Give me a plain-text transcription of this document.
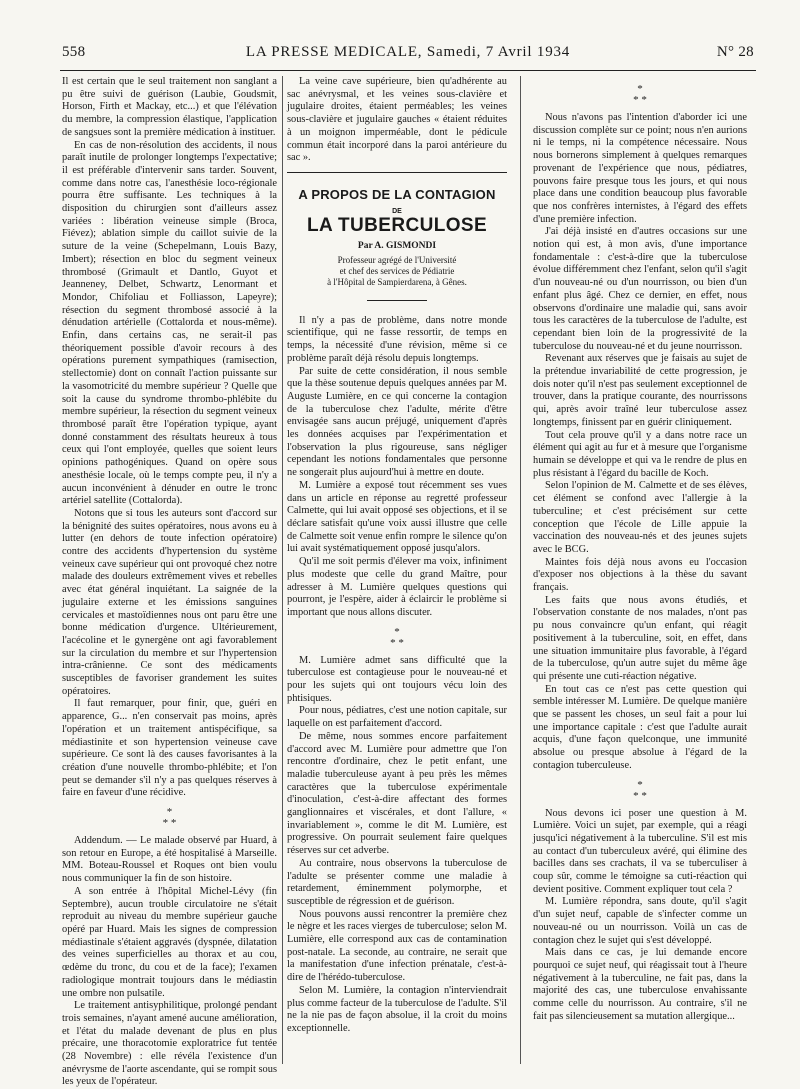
558	LA PRESSE MEDICALE, Samedi, 7 Avril 1934	N° 28

Il est certain que le seul traitement non sanglant a pu être suivi de guérison (Laubie, Goudsmit, Horson, Firth et Mackay, etc...) et que l'élévation du membre, la compression élastique, l'application de sangsues sont la première médication à instituer.

En cas de non-résolution des accidents, il nous paraît inutile de prolonger longtemps l'expectative; il est préférable d'intervenir sans tarder. Souvent, comme dans notre cas, l'anesthésie loco-régionale pourra être suffisante. Les techniques à la disposition du chirurgien sont d'ailleurs assez variées : libération veineuse simple (Broca, Fiévez); ablation simple du caillot suivie de la suture de la veine (Schepelmann, Louis Bazy, Imbert); résection en bloc du segment veineux thrombosé (Grimault et Dantlo, Guyot et Jeanneney, Delbet, Schwartz, Lenormant et Mondor, Chifoliau et Folliasson, Lapeyre); résection du segment thrombosé associé à la dénudation artérielle (Cottalorda et nous-même). Enfin, dans certains cas, ne serait-il pas théoriquement possible d'avoir recours à des opérations purement sympathiques (ramisection, stellectomie) dont on connaît l'action puissante sur la vasomotricité du membre supérieur ? Quelle que soit la cause du syndrome thrombo-phlébite du membre supérieur, la résection du segment veineux thrombosé paraît être l'opération typique, ayant donné constamment des résultats heureux à tous ceux qui l'ont employée, quelles que soient leurs opinions pathogéniques. Quand on opère sous anesthésie locale, où le temps compte peu, il n'y a aucun inconvénient à dénuder en outre le tronc artériel satellite (Cottalorda).

Notons que si tous les auteurs sont d'accord sur la bénignité des suites opératoires, nous avons eu à lutter (en dehors de toute infection opératoire) contre des accidents d'hypertension du système veineux cave supérieur qui ont provoqué chez notre malade des douleurs extrêmement vives et rebelles avec état général inquiétant. La saignée de la jugulaire externe et les émissions sanguines cervicales et mastoïdiennes nous ont paru être une bonne médication d'urgence. Ultérieurement, l'acécoline et le gynergène ont agi favorablement sur la circulation du membre et sur l'hypertension intra-crânienne. Ce sont des médicaments susceptibles de favoriser grandement les suites opératoires.

Il faut remarquer, pour finir, que, guéri en apparence, G... n'en conservait pas moins, après l'opération et un traitement antispécifique, sa médiastinite et son hypertension veineuse cave supérieure. Ce sont là des causes favorisantes à la création d'une nouvelle thrombo-phlébite; et l'on peut se demander s'il n'y a pas quelques réserves à faire en faveur d'une récidive.

*
* *

Addendum. — Le malade observé par Huard, à son retour en Europe, a été hospitalisé à Marseille. MM. Boteau-Roussel et Roques ont bien voulu nous communiquer la fin de son histoire.

A son entrée à l'hôpital Michel-Lévy (fin Septembre), aucun trouble circulatoire ne s'était reproduit au niveau du membre supérieur gauche opéré par Huard. Mais les signes de compression médiastinale s'étaient aggravés (dyspnée, dilatation des veines superficielles au thorax et au cou, œdème du tronc, du cou et de la face); l'examen radiologique montrait toujours dans le médiastin une ombre non pulsatile.

Le traitement antisyphilitique, prolongé pendant trois semaines, n'ayant amené aucune amélioration, et l'état du malade devenant de plus en plus précaire, une thoracotomie exploratrice fut tentée (28 Novembre) : elle révéla l'existence d'un anévrysme de l'aorte ascendante, qui se rompit sous les yeux de l'opérateur.

La veine cave supérieure, bien qu'adhérente au sac anévrysmal, et les veines sous-clavière et jugulaire droites, étaient perméables; les veines sous-clavière et jugulaire gauches « étaient réduites à un moignon imperméable, dont le pédicule commun était incorporé dans la paroi antérieure du sac ».

A PROPOS DE LA CONTAGION
DE
LA TUBERCULOSE
Par A. GISMONDI
Professeur agrégé de l'Université
et chef des services de Pédiatrie
à l'Hôpital de Sampierdarena, à Gênes.

Il n'y a pas de problème, dans notre monde scientifique, qui ne fasse ressortir, de temps en temps, la nécessité d'une révision, même si ce problème paraît déjà résolu depuis longtemps.

Par suite de cette considération, il nous semble que la thèse soutenue depuis quelques années par M. Auguste Lumière, en ce qui concerne la contagion de la tuberculose chez l'adulte, mérite d'être envisagée sans aucun préjugé, uniquement d'après les données acquises par l'expérimentation et l'observation la plus rigoureuse, sans négliger cependant les notions fondamentales que personne ne songerait plus aujourd'hui à mettre en doute.

M. Lumière a exposé tout récemment ses vues dans un article en réponse au regretté professeur Calmette, qui lui avait opposé ses objections, et il se déclare satisfait qu'une voix aussi illustre que celle de Calmette soit venue enfin rompre le silence qu'on lui avait systématiquement opposé jusqu'alors.

Qu'il me soit permis d'élever ma voix, infiniment plus modeste que celle du grand Maître, pour adresser à M. Lumière quelques questions qui pourront, je l'espère, aider à éclaircir le problème si important que nous allons discuter.

*
* *

M. Lumière admet sans difficulté que la tuberculose est contagieuse pour le nouveau-né et pour les sujets qui ont toujours vécu loin des phtisiques.

Pour nous, pédiatres, c'est une notion capitale, sur laquelle on est parfaitement d'accord.

De même, nous sommes encore parfaitement d'accord avec M. Lumière pour admettre que l'on rencontre d'ordinaire, chez le petit enfant, une maladie tuberculeuse ayant à peu près les mêmes caractères que la tuberculose expérimentale d'inoculation, c'est-à-dire affectant des formes ganglionnaires et viscérales, et dont l'allure, « invariablement », comme le dit M. Lumière, est progressive. On pourrait seulement faire quelques réserves sur cet adverbe.

Au contraire, nous observons la tuberculose de l'adulte se présenter comme une maladie à retardement, éminemment polymorphe, et susceptible de régression et de guérison.

Nous pouvons aussi rencontrer la première chez le nègre et les races vierges de tuberculose; selon M. Lumière, elle correspond aux cas de contamination post-natale. La seconde, au contraire, ne serait que la manifestation d'une infection prénatale, c'est-à-dire de l'hérédo-tuberculose.

Selon M. Lumière, la contagion n'interviendrait plus comme facteur de la tuberculose de l'adulte. S'il ne la nie pas de façon absolue, il la croit du moins exceptionnelle.

*
* *

Nous n'avons pas l'intention d'aborder ici une discussion complète sur ce point; nous n'en aurions ni le temps, ni la compétence nécessaire. Nous nous bornerons simplement à quelques remarques provenant de l'expérience que nous, pédiatres, pouvons faire presque tous les jours, et qui nous place dans une condition beaucoup plus favorable que nos confrères internistes, à l'égard des effets d'une première infection.

J'ai déjà insisté en d'autres occasions sur une notion qui est, à mon avis, d'une importance fondamentale : c'est-à-dire que la tuberculose évolue différemment chez l'enfant, selon qu'il s'agit d'un nouveau-né ou d'un nourrisson, ou bien d'un enfant plus âgé. Chez ce dernier, en effet, nous observons d'ordinaire une maladie qui, sans avoir tous les caractères de la tuberculose de l'adulte, est cependant bien loin de la progressivité de la tuberculose du nouveau-né et du jeune nourrisson.

Revenant aux réserves que je faisais au sujet de la prétendue invariabilité de cette progression, je dois noter qu'il n'est pas seulement exceptionnel de trouver, dans la pratique courante, des nourrissons qui, après avoir traîné leur tuberculose assez longtemps, finissent par en guérir cliniquement.

Tout cela prouve qu'il y a dans notre race un élément qui agit au fur et à mesure que l'organisme humain se développe et qui va le rendre de plus en plus résistant à l'égard du bacille de Koch.

Selon l'opinion de M. Calmette et de ses élèves, cet élément se confond avec l'allergie à la tuberculine; et c'est précisément sur cette conception que l'école de Lille appuie la vaccination des nouveau-nés et des jeunes sujets avec le BCG.

Maintes fois déjà nous avons eu l'occasion d'exposer nos objections à la thèse du savant français.

Les faits que nous avons étudiés, et l'observation constante de nos malades, n'ont pas pu nous convaincre qu'un enfant, qui réagit positivement à la tuberculine, soit, en effet, dans une situation immunitaire plus favorable, à l'égard de la tuberculose, qu'un autre sujet du même âge qui présente une cuti-réaction négative.

En tout cas ce n'est pas cette question qui semble intéresser M. Lumière. De quelque manière que se passent les choses, un seul fait a pour lui une importance capitale : c'est que l'adulte aurait acquis, d'une façon quelconque, une immunité absolue ou presque absolue à l'égard de la contagion tuberculeuse.

*
* *

Nous devons ici poser une question à M. Lumière. Voici un sujet, par exemple, qui a réagi jusqu'ici négativement à la tuberculine. S'il est mis au contact d'un tuberculeux avéré, qui élimine des bacilles dans ses crachats, il va se tuberculiser à coup sûr, comme le témoigne sa cuti-réaction qui devient positive. Comment expliquer tout cela ?

M. Lumière répondra, sans doute, qu'il s'agit d'un sujet neuf, capable de s'infecter comme un nouveau-né ou un nourrisson. Voilà un cas de contagion chez le sujet qui s'est développé.

Mais dans ce cas, je lui demande encore pourquoi ce sujet neuf, qui réagissait tout à l'heure négativement à la tuberculine, ne fait pas, dans la majorité des cas, une tuberculose envahissante comme celle du nourrisson. Au contraire, s'il ne fait pas silencieusement sa mutation allergique...
